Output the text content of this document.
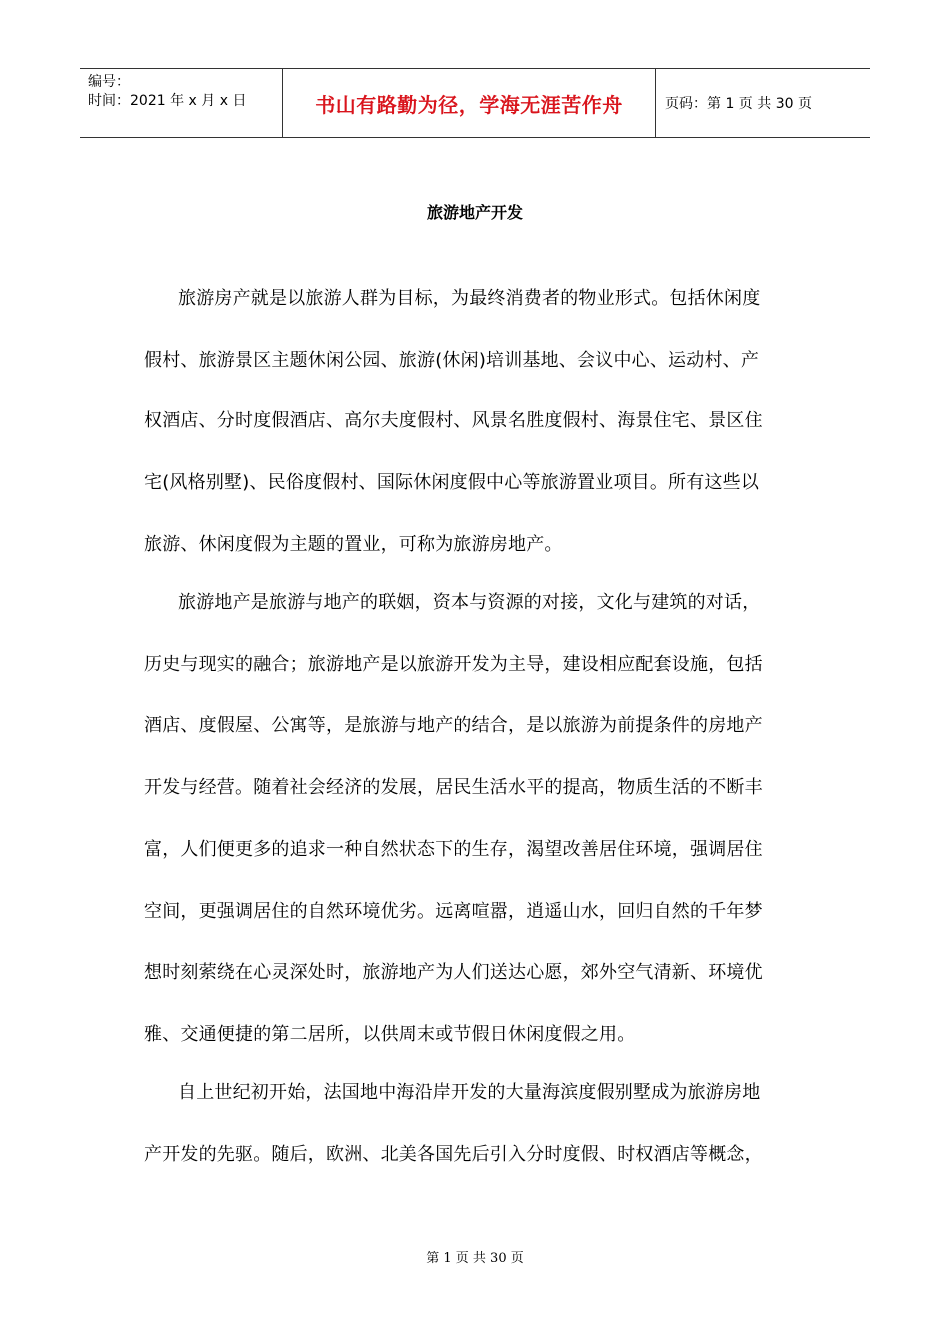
编号：
时间：2021 年 x 月 x 日	书山有路勤为径，学海无涯苦作舟	页码：第 1 页 共 30 页
旅游地产开发
旅游房产就是以旅游人群为目标，为最终消费者的物业形式。包括休闲度
假村、旅游景区主题休闲公园、旅游(休闲)培训基地、会议中心、运动村、产
权酒店、分时度假酒店、高尔夫度假村、风景名胜度假村、海景住宅、景区住
宅(风格别墅)、民俗度假村、国际休闲度假中心等旅游置业项目。所有这些以
旅游、休闲度假为主题的置业，可称为旅游房地产。
旅游地产是旅游与地产的联姻，资本与资源的对接，文化与建筑的对话，
历史与现实的融合；旅游地产是以旅游开发为主导，建设相应配套设施，包括
酒店、度假屋、公寓等，是旅游与地产的结合，是以旅游为前提条件的房地产
开发与经营。随着社会经济的发展，居民生活水平的提高，物质生活的不断丰
富，人们便更多的追求一种自然状态下的生存，渴望改善居住环境，强调居住
空间，更强调居住的自然环境优劣。远离喧嚣，逍遥山水，回归自然的千年梦
想时刻萦绕在心灵深处时，旅游地产为人们送达心愿，郊外空气清新、环境优
雅、交通便捷的第二居所，以供周末或节假日休闲度假之用。
自上世纪初开始，法国地中海沿岸开发的大量海滨度假别墅成为旅游房地
产开发的先驱。随后，欧洲、北美各国先后引入分时度假、时权酒店等概念，
第 1 页 共 30 页
